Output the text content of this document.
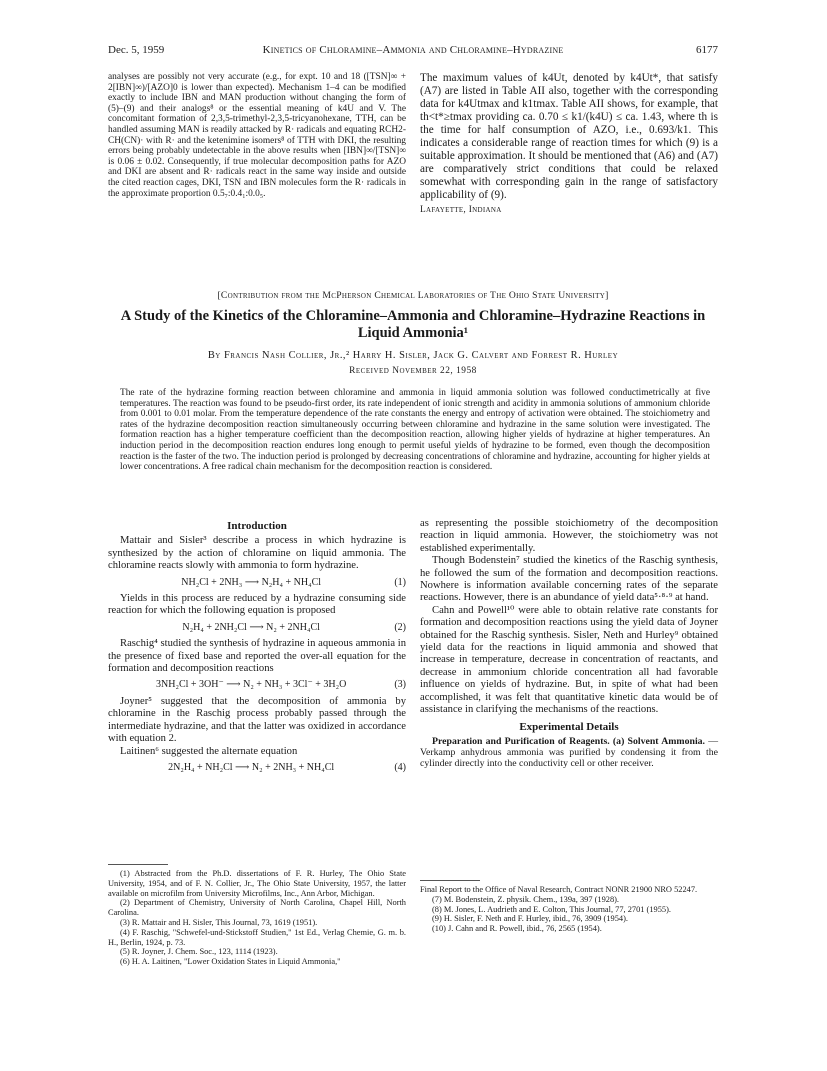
Dec. 5, 1959	Kinetics of Chloramine–Ammonia and Chloramine–Hydrazine	6177

analyses are possibly not very accurate (e.g., for expt. 10 and 18 ([TSN]∞ + 2[IBN]∞)/[AZO]0 is lower than expected). Mechanism 1–4 can be modified exactly to include IBN and MAN production without changing the form of (5)–(9) and their analogs⁸ or the essential meaning of k4U and V. The concomitant formation of 2,3,5-trimethyl-2,3,5-tricyanohexane, TTH, can be handled assuming MAN is readily attacked by R· radicals and equating RCH2-CH(CN)· with R· and the ketenimine isomers⁸ of TTH with DKI, the resulting errors being probably undetectable in the above results when [IBN]∞/[TSN]∞ is 0.06 ± 0.02. Consequently, if true molecular decomposition paths for AZO and DKI are absent and R· radicals react in the same way inside and outside the cited reaction cages, DKI, TSN and IBN molecules form the R· radicals in the approximate proportion 0.5₇:0.4₁:0.0₅.

The maximum values of k4Ut, denoted by k4Ut*, that satisfy (A7) are listed in Table AII also, together with the corresponding data for k4Utmax and k1tmax. Table AII shows, for example, that th<t*≥tmax providing ca. 0.70 ≤ k1/(k4U) ≤ ca. 1.43, where th is the time for half consumption of AZO, i.e., 0.693/k1. This indicates a considerable range of reaction times for which (9) is a suitable approximation. It should be mentioned that (A6) and (A7) are comparatively strict conditions that could be relaxed somewhat with corresponding gain in the range of satisfactory applicability of (9).

Lafayette, Indiana

[Contribution from the McPherson Chemical Laboratories of The Ohio State University]
A Study of the Kinetics of the Chloramine–Ammonia and Chloramine–Hydrazine Reactions in Liquid Ammonia¹
By Francis Nash Collier, Jr.,² Harry H. Sisler, Jack G. Calvert and Forrest R. Hurley
Received November 22, 1958
The rate of the hydrazine forming reaction between chloramine and ammonia in liquid ammonia solution was followed conductimetrically at five temperatures. The reaction was found to be pseudo-first order, its rate independent of ionic strength and acidity in ammonia solutions of ammonium chloride from 0.001 to 0.01 molar. From the temperature dependence of the rate constants the energy and entropy of activation were obtained. The stoichiometry and rates of the hydrazine decomposition reaction simultaneously occurring between chloramine and hydrazine in the same solution were investigated. The formation reaction has a higher temperature coefficient than the decomposition reaction, allowing higher yields of hydrazine at higher temperatures. An induction period in the decomposition reaction endures long enough to permit useful yields of hydrazine to be formed, even though the decomposition reaction is the faster of the two. The induction period is prolonged by decreasing concentrations of chloramine and hydrazine, accounting for higher yields at lower concentrations. A free radical chain mechanism for the decomposition reaction is considered.
Introduction

Mattair and Sisler³ describe a process in which hydrazine is synthesized by the action of chloramine on liquid ammonia. The chloramine reacts slowly with ammonia to form hydrazine.

NH₂Cl + 2NH₃ ⟶ N₂H₄ + NH₄Cl	(1)

Yields in this process are reduced by a hydrazine consuming side reaction for which the following equation is proposed

N₂H₄ + 2NH₂Cl ⟶ N₂ + 2NH₄Cl	(2)

Raschig⁴ studied the synthesis of hydrazine in aqueous ammonia in the presence of fixed base and reported the over-all equation for the formation and decomposition reactions

3NH₂Cl + 3OH⁻ ⟶ N₂ + NH₃ + 3Cl⁻ + 3H₂O	(3)

Joyner⁵ suggested that the decomposition of ammonia by chloramine in the Raschig process probably passed through the intermediate hydrazine, and that the latter was oxidized in accordance with equation 2.

Laitinen⁶ suggested the alternate equation

2N₂H₄ + NH₂Cl ⟶ N₂ + 2NH₃ + NH₄Cl	(4)

as representing the possible stoichiometry of the decomposition reaction in liquid ammonia. However, the stoichiometry was not established experimentally.

Though Bodenstein⁷ studied the kinetics of the Raschig synthesis, he followed the sum of the formation and decomposition reactions. Nowhere is information available concerning rates of the separate reactions. However, there is an abundance of yield data⁵·⁸·⁹ at hand.

Cahn and Powell¹⁰ were able to obtain relative rate constants for formation and decomposition reactions using the yield data of Joyner obtained for the Raschig synthesis. Sisler, Neth and Hurley⁹ obtained yield data for the reactions in liquid ammonia and showed that increase in temperature, decrease in concentration of reactants, and decrease in ammonium chloride concentration all had favorable influence on yields of hydrazine. But, in spite of what had been accomplished, it was felt that quantitative kinetic data would be of assistance in clarifying the mechanisms of the reactions.

Experimental Details

Preparation and Purification of Reagents. (a) Solvent Ammonia. —Verkamp anhydrous ammonia was purified by condensing it from the cylinder directly into the conductivity cell or other receiver.

(1) Abstracted from the Ph.D. dissertations of F. R. Hurley, The Ohio State University, 1954, and of F. N. Collier, Jr., The Ohio State University, 1957, the latter available on microfilm from University Microfilms, Inc., Ann Arbor, Michigan.

(2) Department of Chemistry, University of North Carolina, Chapel Hill, North Carolina.

(3) R. Mattair and H. Sisler, This Journal, 73, 1619 (1951).

(4) F. Raschig, "Schwefel-und-Stickstoff Studien," 1st Ed., Verlag Chemie, G. m. b. H., Berlin, 1924, p. 73.

(5) R. Joyner, J. Chem. Soc., 123, 1114 (1923).

(6) H. A. Laitinen, "Lower Oxidation States in Liquid Ammonia,"

Final Report to the Office of Naval Research, Contract NONR 21900 NRO 52247.

(7) M. Bodenstein, Z. physik. Chem., 139a, 397 (1928).

(8) M. Jones, L. Audrieth and E. Colton, This Journal, 77, 2701 (1955).

(9) H. Sisler, F. Neth and F. Hurley, ibid., 76, 3909 (1954).

(10) J. Cahn and R. Powell, ibid., 76, 2565 (1954).
